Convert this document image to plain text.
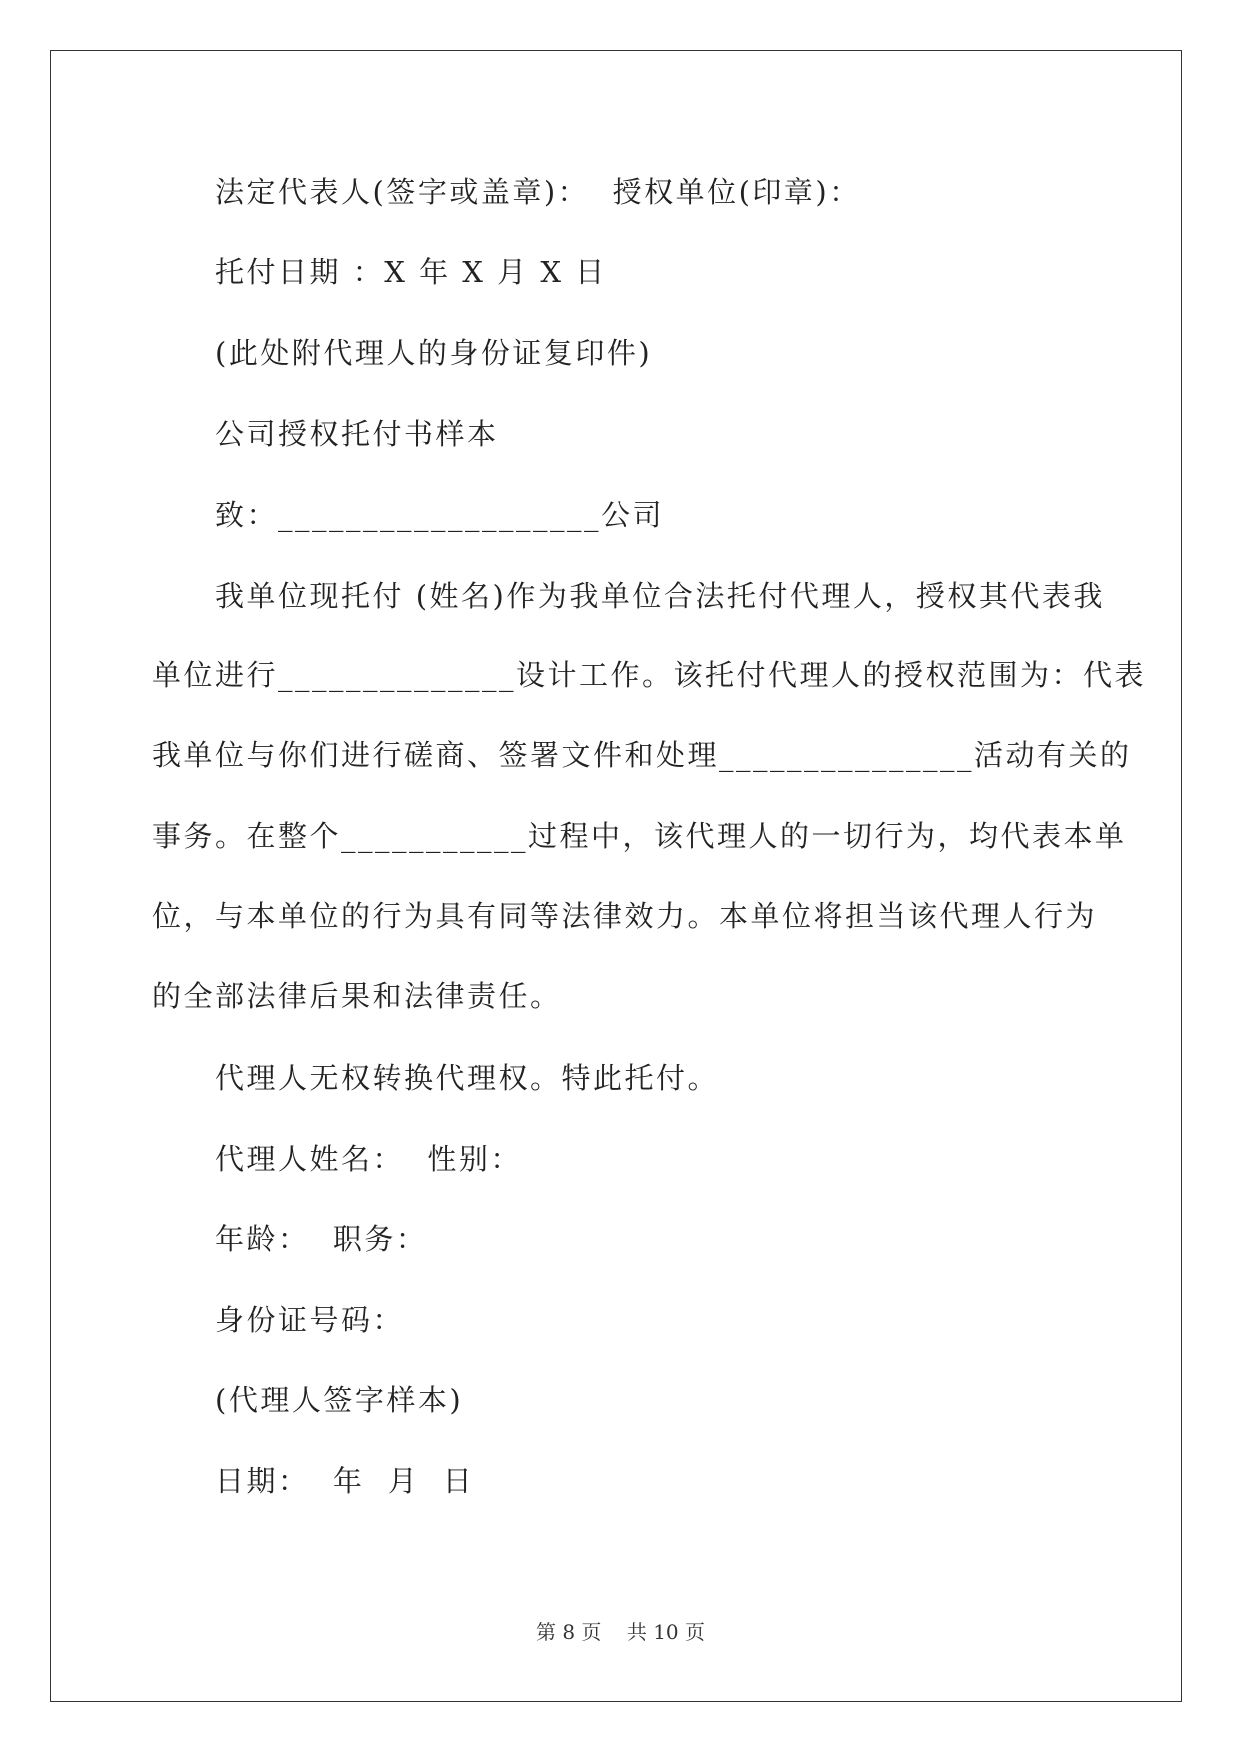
法定代表人(签字或盖章)：  授权单位(印章)：

托付日期 ：X 年 X 月 X 日

(此处附代理人的身份证复印件)

公司授权托付书样本

致：___________________公司

我单位现托付 (姓名)作为我单位合法托付代理人，授权其代表我

单位进行______________设计工作。该托付代理人的授权范围为：代表

我单位与你们进行磋商、签署文件和处理_______________活动有关的

事务。在整个___________过程中，该代理人的一切行为，均代表本单

位，与本单位的行为具有同等法律效力。本单位将担当该代理人行为

的全部法律后果和法律责任。

代理人无权转换代理权。特此托付。

代理人姓名：  性别：

年龄：  职务：

身份证号码：

(代理人签字样本)

日期：  年  月  日

第 8 页    共 10 页
